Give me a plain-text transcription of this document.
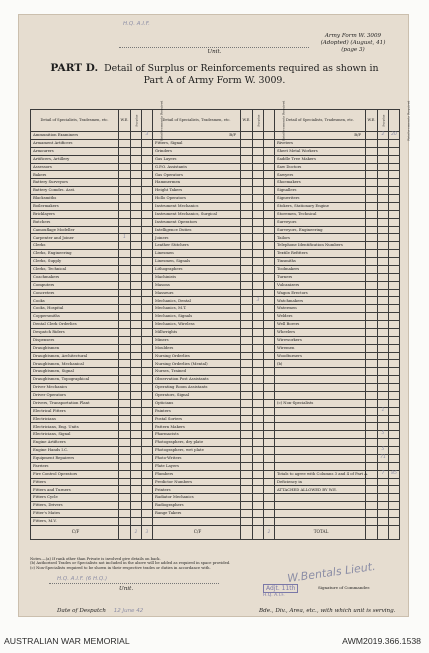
H.Q. A.I.F.
Unit.
Army Form W. 3009
(Adopted) (August, 41)
(page 3)
PART D. Detail of Surplus or Reinforcements required as shown in
Part A of Army Form W. 3009.
Detail of Specialists, Tradesmen, etc.	W.E.	Surplus	Reinforcements Required	Detail of Specialists, Tradesmen, etc.	W.E.	Surplus	Reinforcements Required	Detail of Specialists, Tradesmen, etc.	W.E.	Surplus	Reinforcements Required
Ammunition Examiners			3	B/F				B/F		2	20
Armament Artificers				Fitters, Signal				Riveters			
Armourers				Grinders				Sheet Metal Workers			
Artificers, Artillery				Gas Layers				Saddle Tree Makers			
Assessors				G.P.O. Assistants				Saw Doctors			
Bakers				Gas Operators				Sawyers			
Battery Surveyors				Hammermen				Shoemakers			
Battery Comdrs. Asst.				Height Takers				Signallers			
Blacksmiths				Hollo Operators				Signwriters			
Boilermakers				Instrument Mechanics				Stokers, Stationary Engine			
Bricklayers				Instrument Mechanics, Surgical				Storemen, Technical			
Butchers				Instrument Operators				Surveyors			
Camouflage Modeller				Intelligence Duties				Surveyors, Engineering			
Carpenter and Joiner	1			Joiners				Tailors			
Clerks				Leather Stitchers				Telephone Identification Numbers			
Clerks, Engineering				Linesmen				Textile Refitters			
Clerks, Supply				Linesmen, Signals				Tinsmiths			
Clerks, Technical				Lithographers				Toolmakers			
Coachmakers				Machinists				Turners			
Computers				Masons				Vulcanizers			
Concreters				Masseurs				Wagon Erectors			
Cooks				Mechanics, Dental		3		Watchmakers			
Cooks, Hospital				Mechanics, M.T.				Watermen			
Coppersmiths				Mechanics, Signals				Welders			
Dental Clerk Orderlies				Mechanics, Wireless				Well Borers			
Despatch Riders				Millwrights				Wheelers			
Dispensers				Miners				Wireworkers			
Draughtsmen				Moulders				Wiremen			
Draughtsmen, Architectural				Nursing Orderlies				Woodturners			
Draughtsmen, Mechanical				Nursing Orderlies (Mental)				(b)			
Draughtsmen, Signal				Nurses, Trained							
Draughtsmen, Topographical				Observation Post Assistants							
Driver Mechanics				Operating Room Assistants							
Driver Operators				Operators, Signal							
Drivers, Transportation Plant				Opticians				(c) Non-Specialists			
Electrical Fitters				Painters						1	
Electricians				Postal Sorters							
Electricians, Eng. Units				Pattern Makers							
Electricians, Signal				Pharmacists						5	
Engine Artificers				Photographers, dry plate							
Engine Hands I.C.				Photographers, wet plate						5	
Equipment Repairers				Photo-Writers						71	
Farriers				Plate Layers							
Fire Control Operators				Plumbers				Totals to agree with Columns 3 and 4 of Part A.		7	85
Fitters				Predictor Numbers				Deficiency in			
Fitters and Turners				Printers				ATTACHED ALLOWED BY W.E.			
Fitters Cycle				Radiator Mechanics							
Fitters, Drivers				Radiographers							
Fitter's Mates				Range Takers							
Fitters, M.V.											
C/F		2	3	C/F			2	TOTAL			
Notes.—(a) If rank other than Private is involved give details on back.
(b) Authorised Trades or Specialists not included in the above will be added as required in space provided.
(c) Non-Specialists required to be shown in their respective trades or duties in accordance with.
H.Q. A.I.F. (6 H.Q.)
Unit.
W.Bentals Lieut.
Adjt. 11th
H.Q. A.I.F.
Signature of Commander.
Date of Despatch 12 June 42	Bde., Div., Area, etc., with which unit is serving.
AUSTRALIAN WAR MEMORIAL	AWM2019.366.1538
